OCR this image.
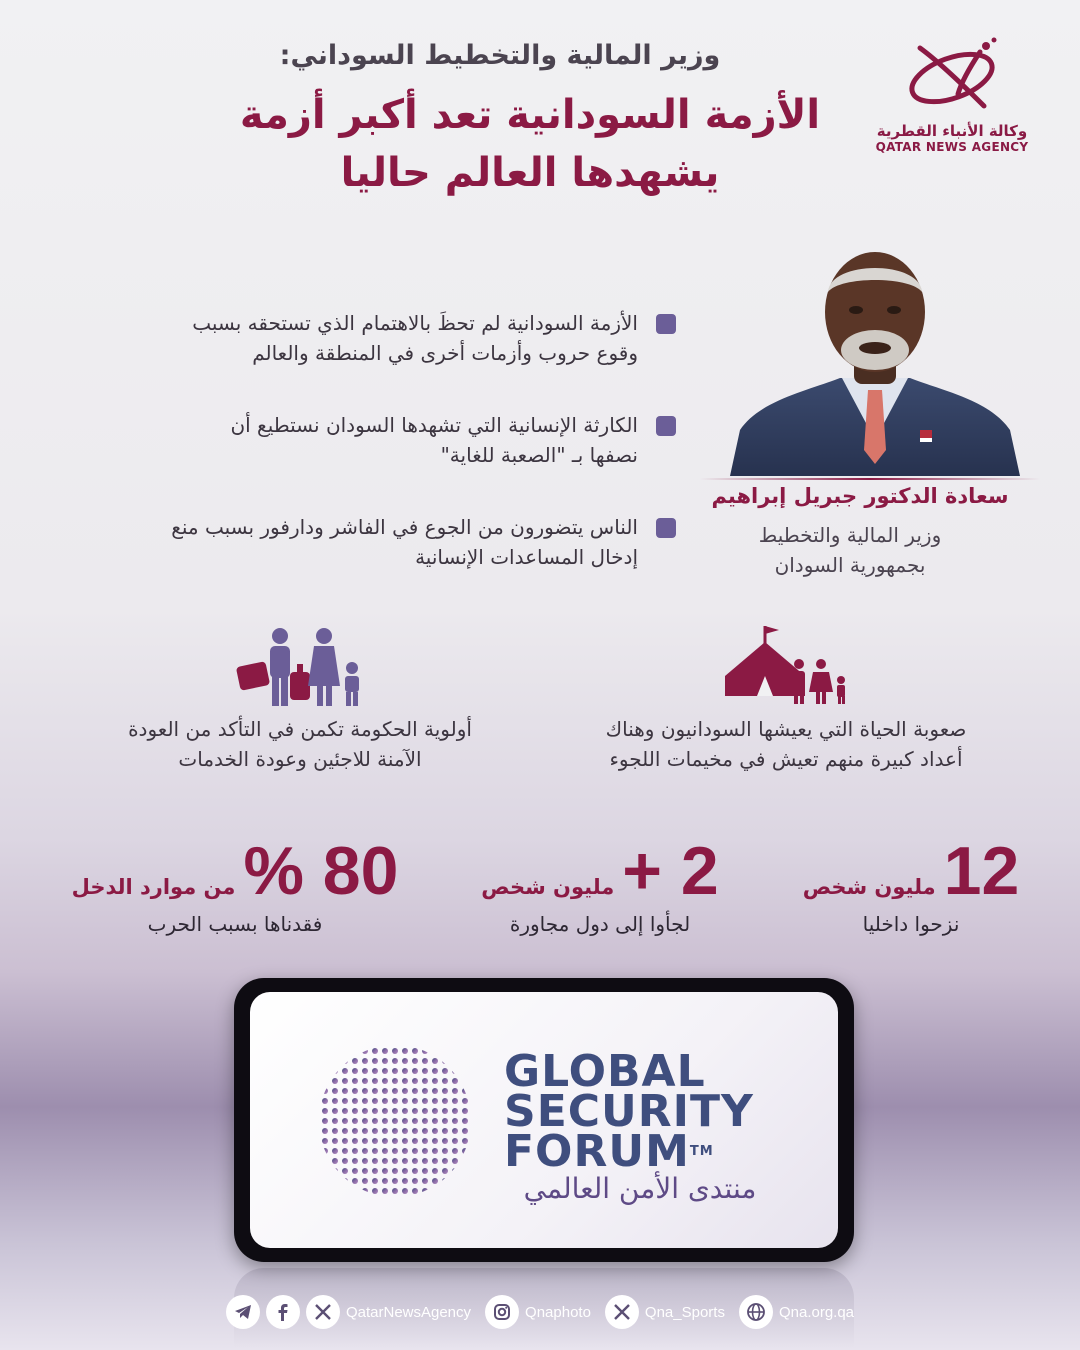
وكالة الأنباء القطرية
QATAR NEWS AGENCY
وزير المالية والتخطيط السوداني:
الأزمة السودانية تعد أكبر أزمة
يشهدها العالم حاليا
سعادة الدكتور جبريل إبراهيم
وزير المالية والتخطيط
بجمهورية السودان
الأزمة السودانية لم تحظَ بالاهتمام الذي تستحقه بسبب
وقوع حروب وأزمات أخرى في المنطقة والعالم
الكارثة الإنسانية التي تشهدها السودان نستطيع أن
نصفها بـ "الصعبة للغاية"
الناس يتضورون من الجوع في الفاشر ودارفور بسبب منع
إدخال المساعدات الإنسانية
صعوبة الحياة التي يعيشها السودانيون وهناك
أعداد كبيرة منهم تعيش في مخيمات اللجوء
أولوية الحكومة تكمن في التأكد من العودة
الآمنة للاجئين وعودة الخدمات
12
مليون شخص
نزحوا داخليا
2 +
مليون شخص
لجأوا إلى دول مجاورة
80 %
من موارد الدخل
فقدناها بسبب الحرب
GLOBAL
SECURITY
FORUMTM
منتدى الأمن العالمي
QatarNewsAgency	Qnaphoto	Qna_Sports	Qna.org.qa
